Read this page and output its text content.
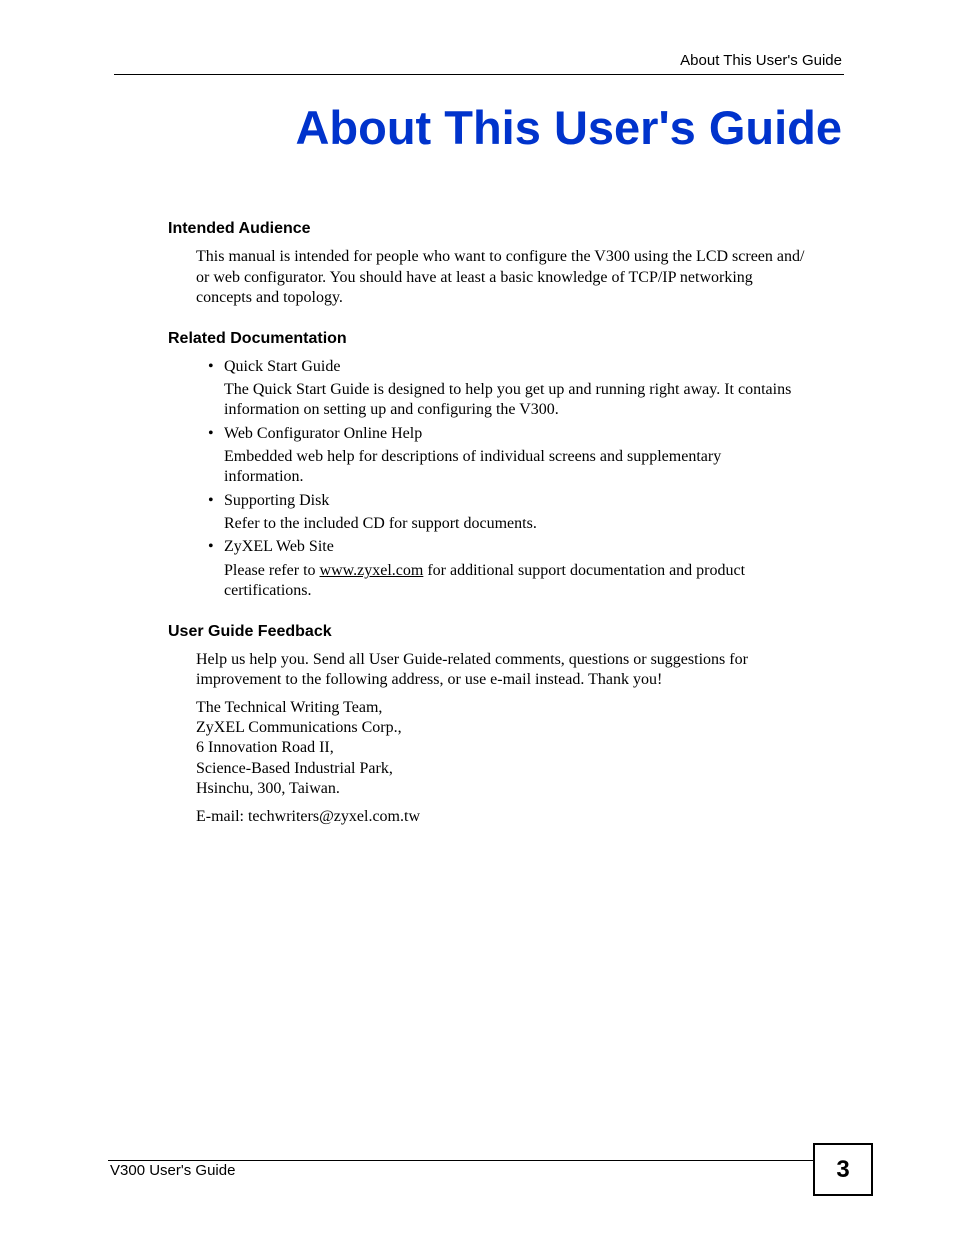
About This User's Guide
About This User's Guide
Intended Audience

This manual is intended for people who want to configure the V300 using the LCD screen and/

or web configurator. You should have at least a basic knowledge of TCP/IP networking

concepts and topology.

Related Documentation
• Quick Start Guide

The Quick Start Guide is designed to help you get up and running right away. It contains

information on setting up and configuring the V300.

• Web Configurator Online Help

Embedded web help for descriptions of individual screens and supplementary

information.

• Supporting Disk

Refer to the included CD for support documents.

• ZyXEL Web Site

Please refer to www.zyxel.com for additional support documentation and product

certifications.

User Guide Feedback

Help us help you. Send all User Guide-related comments, questions or suggestions for

improvement to the following address, or use e-mail instead. Thank you!

The Technical Writing Team,

ZyXEL Communications Corp.,

6 Innovation Road II,

Science-Based Industrial Park,

Hsinchu, 300, Taiwan.

E-mail: techwriters@zyxel.com.tw

V300 User's Guide	3
